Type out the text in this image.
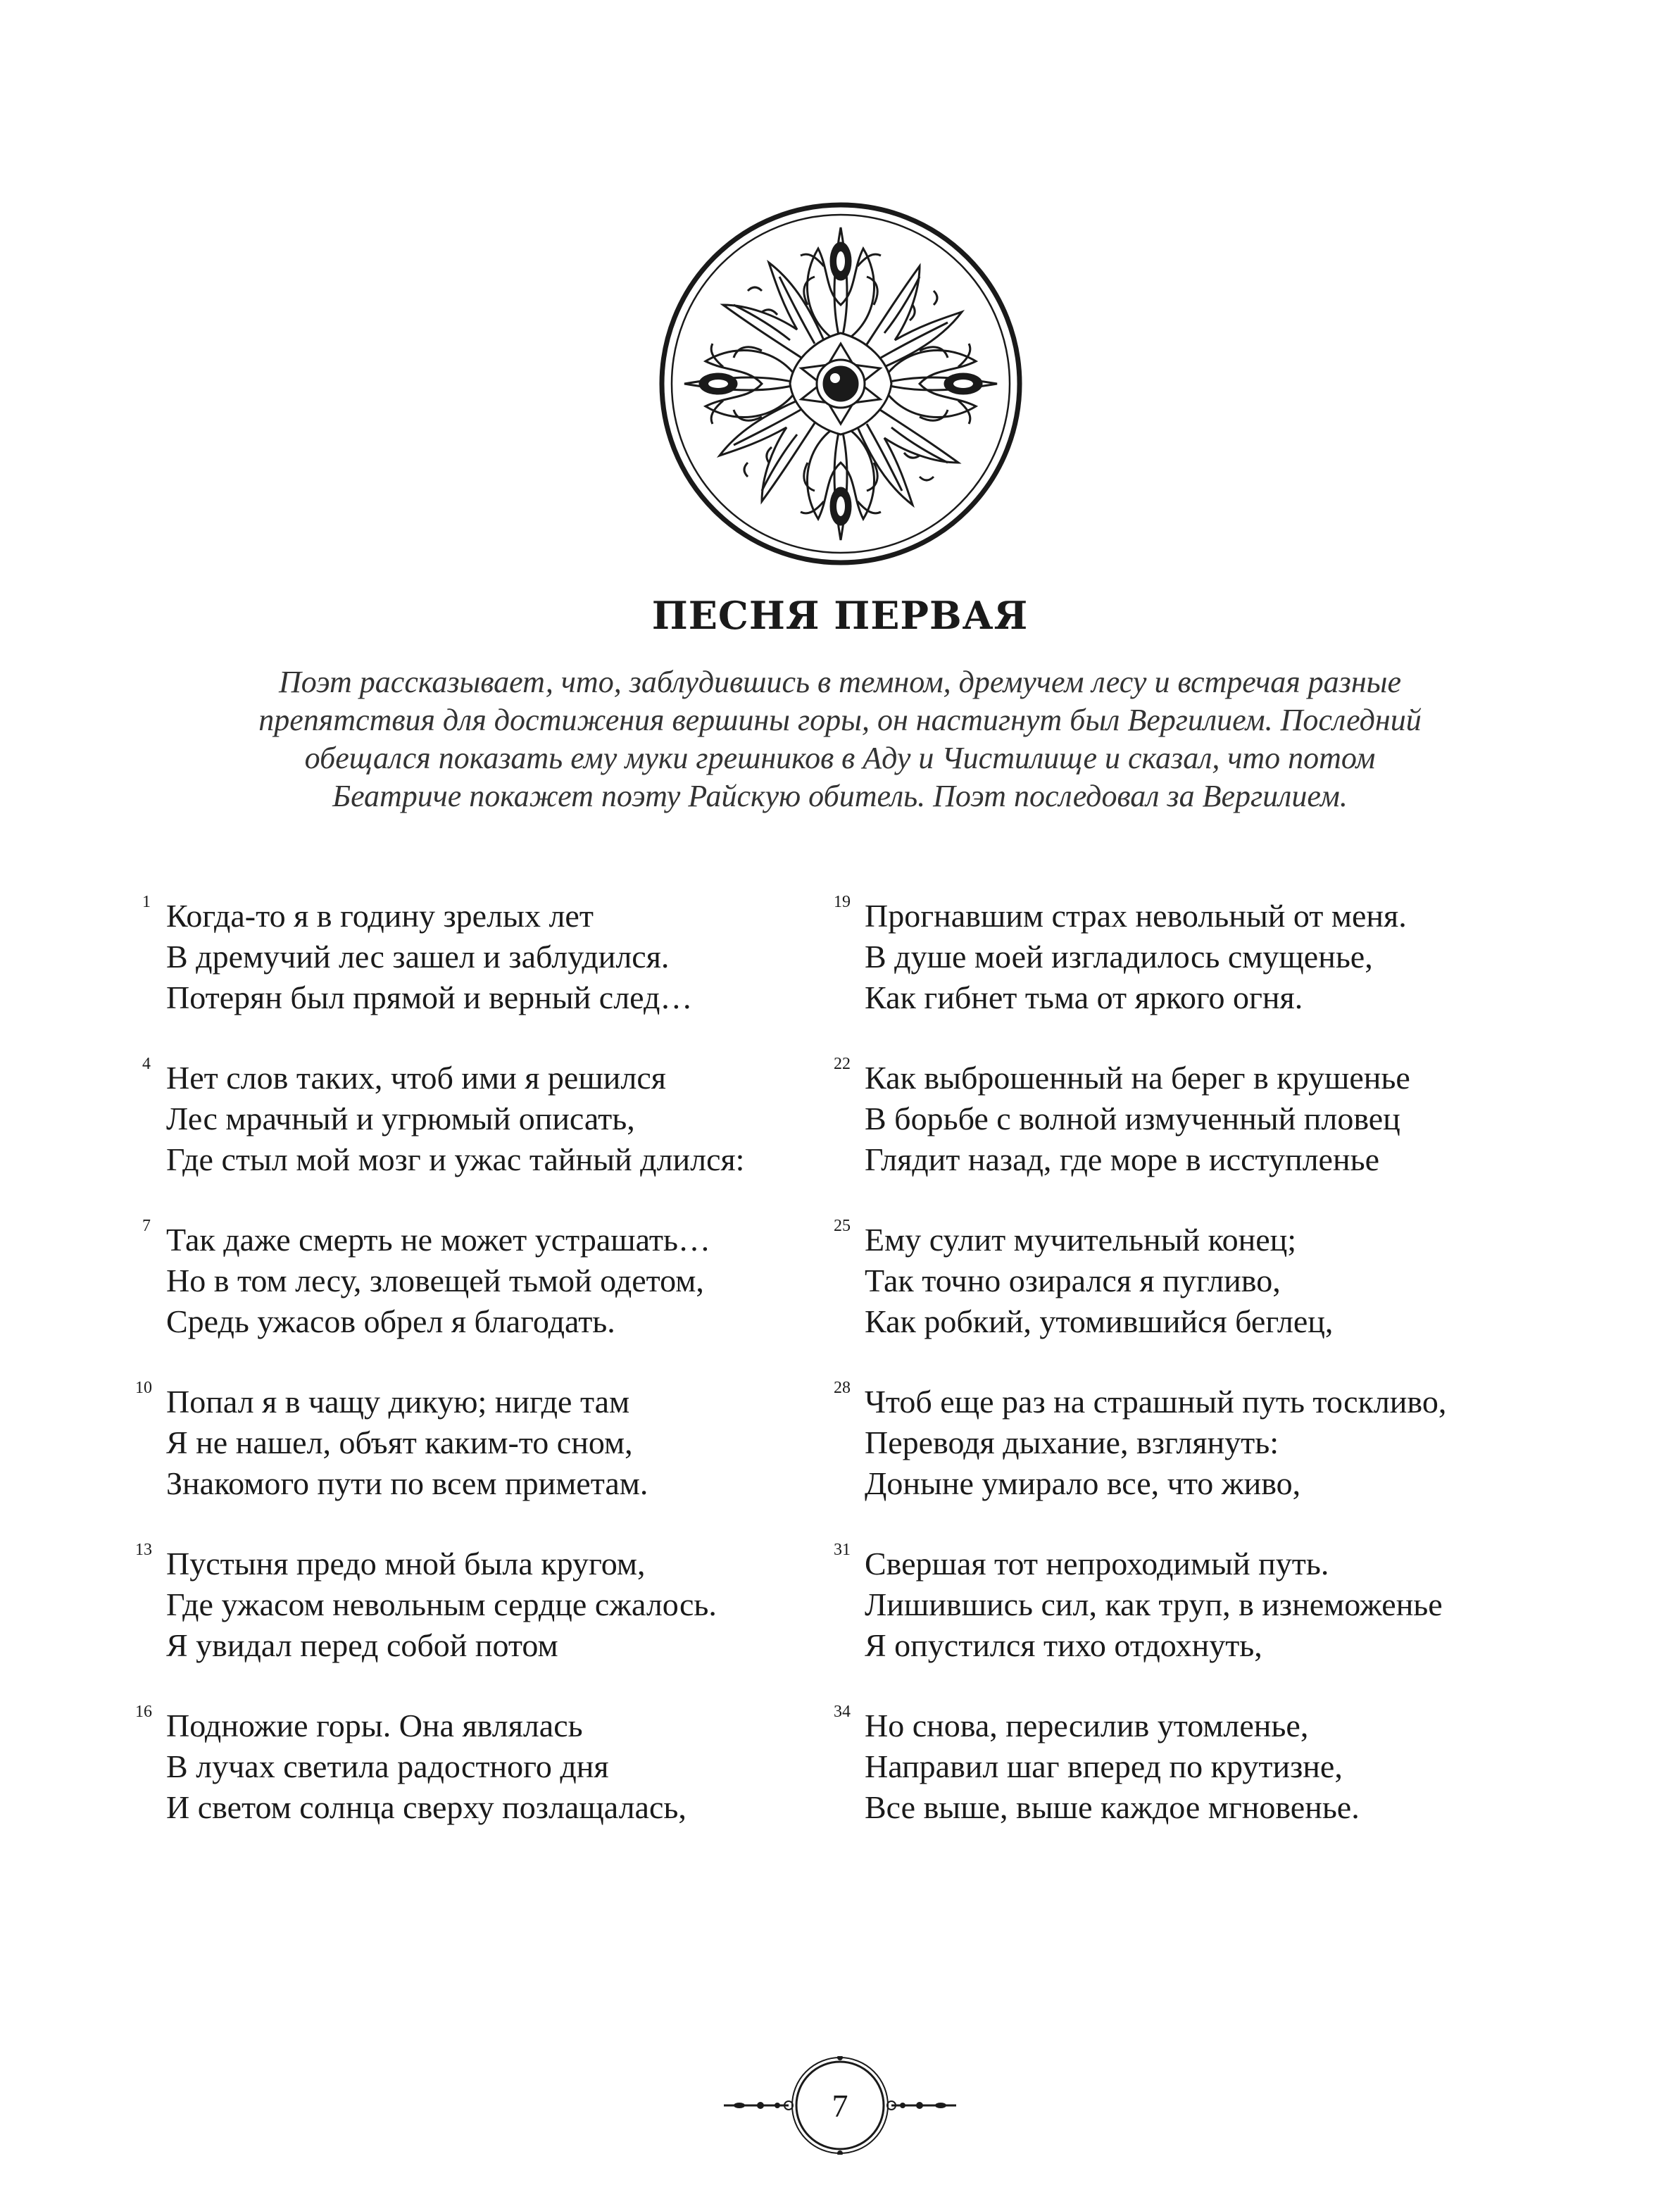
ПЕСНЯ ПЕРВАЯ
Поэт рассказывает, что, заблудившись в темном, дремучем лесу и встречая разные
препятствия для достижения вершины горы, он настигнут был Вергилием. Последний
обещался показать ему муки грешников в Аду и Чистилище и сказал, что потом
Беатриче покажет поэту Райскую обитель. Поэт последовал за Вергилием.
1 Когда-то я в годину зрелых лет
В дремучий лес зашел и заблудился.
Потерян был прямой и верный след…
4 Нет слов таких, чтоб ими я решился
Лес мрачный и угрюмый описать,
Где стыл мой мозг и ужас тайный длился:
7 Так даже смерть не может устрашать…
Но в том лесу, зловещей тьмой одетом,
Средь ужасов обрел я благодать.
10 Попал я в чащу дикую; нигде там
Я не нашел, объят каким-то сном,
Знакомого пути по всем приметам.
13 Пустыня предо мной была кругом,
Где ужасом невольным сердце сжалось.
Я увидал перед собой потом
16 Подножие горы. Она являлась
В лучах светила радостного дня
И светом солнца сверху позлащалась,
19 Прогнавшим страх невольный от меня.
В душе моей изгладилось смущенье,
Как гибнет тьма от яркого огня.
22 Как выброшенный на берег в крушенье
В борьбе с волной измученный пловец
Глядит назад, где море в исступленье
25 Ему сулит мучительный конец;
Так точно озирался я пугливо,
Как робкий, утомившийся беглец,
28 Чтоб еще раз на страшный путь тоскливо,
Переводя дыхание, взглянуть:
Доныне умирало все, что живо,
31 Свершая тот непроходимый путь.
Лишившись сил, как труп, в изнеможенье
Я опустился тихо отдохнуть,
34 Но снова, пересилив утомленье,
Направил шаг вперед по крутизне,
Все выше, выше каждое мгновенье.
7
